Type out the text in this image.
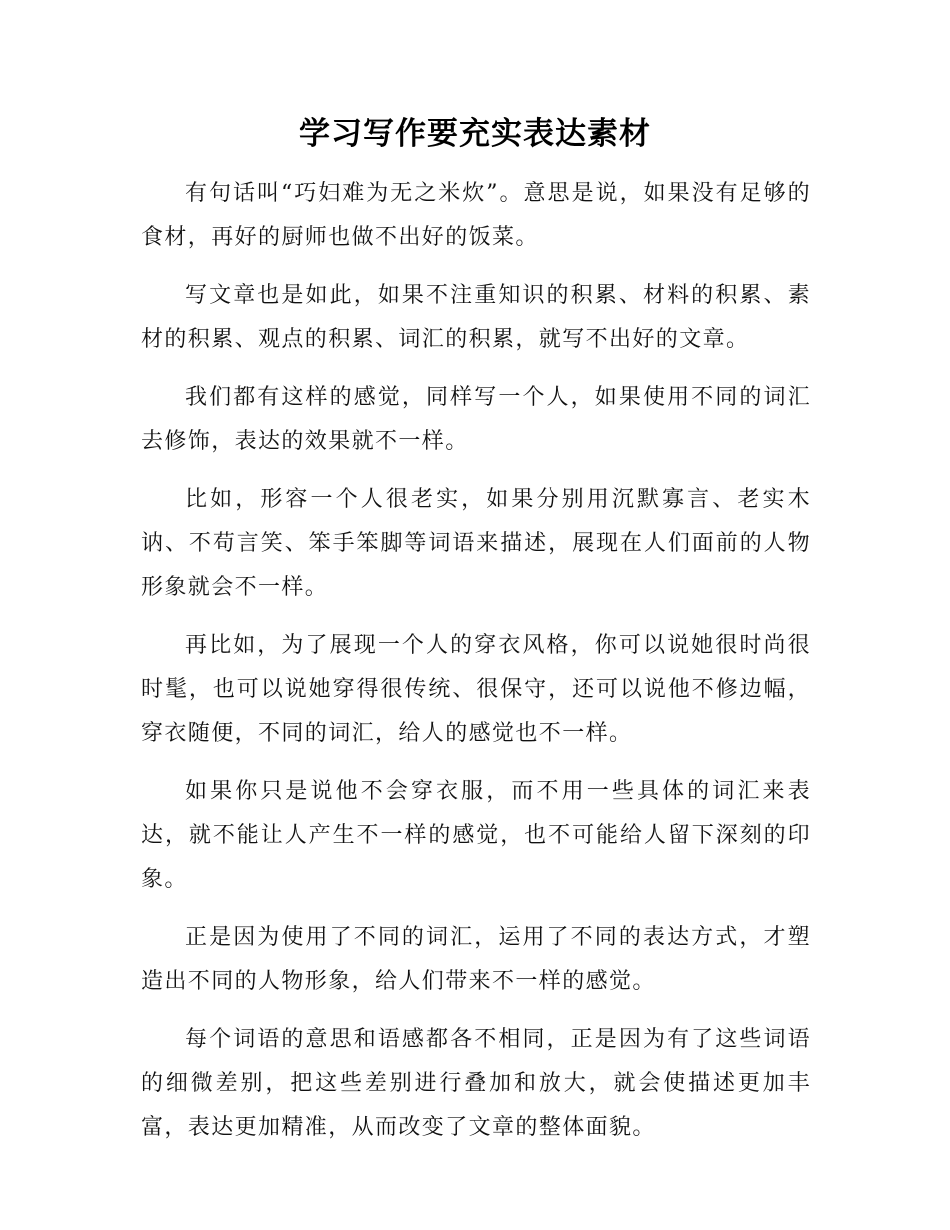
学习写作要充实表达素材

有句话叫“巧妇难为无之米炊”。意思是说，如果没有足够的食材，再好的厨师也做不出好的饭菜。

写文章也是如此，如果不注重知识的积累、材料的积累、素材的积累、观点的积累、词汇的积累，就写不出好的文章。

我们都有这样的感觉，同样写一个人，如果使用不同的词汇去修饰，表达的效果就不一样。

比如，形容一个人很老实，如果分别用沉默寡言、老实木讷、不苟言笑、笨手笨脚等词语来描述，展现在人们面前的人物形象就会不一样。

再比如，为了展现一个人的穿衣风格，你可以说她很时尚很时髦，也可以说她穿得很传统、很保守，还可以说他不修边幅，穿衣随便，不同的词汇，给人的感觉也不一样。

如果你只是说他不会穿衣服，而不用一些具体的词汇来表达，就不能让人产生不一样的感觉，也不可能给人留下深刻的印象。

正是因为使用了不同的词汇，运用了不同的表达方式，才塑造出不同的人物形象，给人们带来不一样的感觉。

每个词语的意思和语感都各不相同，正是因为有了这些词语的细微差别，把这些差别进行叠加和放大，就会使描述更加丰富，表达更加精准，从而改变了文章的整体面貌。
